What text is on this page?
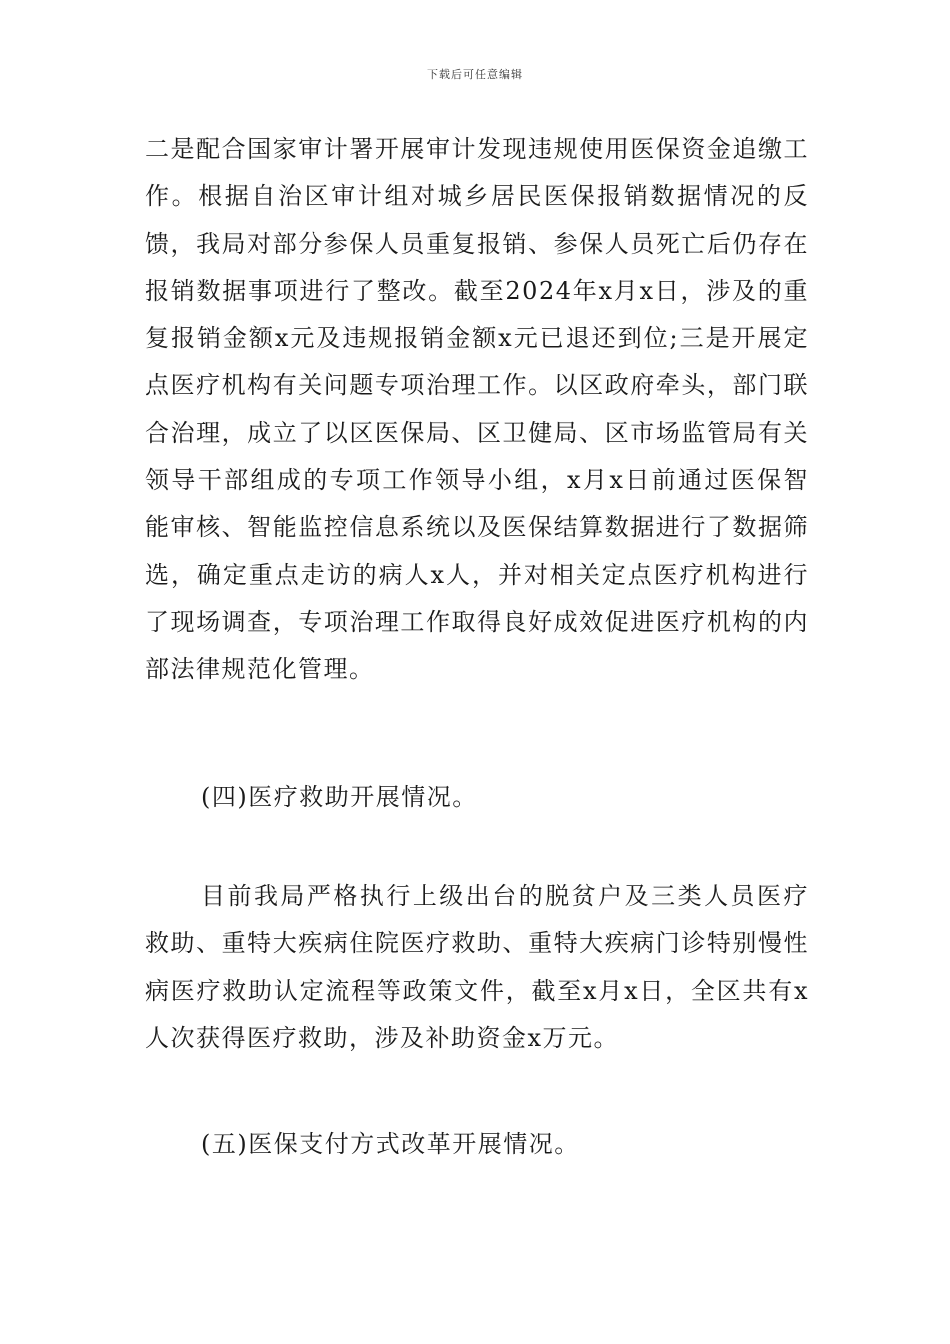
下载后可任意编辑

二是配合国家审计署开展审计发现违规使用医保资金追缴工作。根据自治区审计组对城乡居民医保报销数据情况的反馈，我局对部分参保人员重复报销、参保人员死亡后仍存在报销数据事项进行了整改。截至2024年x月x日，涉及的重复报销金额x元及违规报销金额x元已退还到位;三是开展定点医疗机构有关问题专项治理工作。以区政府牵头，部门联合治理，成立了以区医保局、区卫健局、区市场监管局有关领导干部组成的专项工作领导小组，x月x日前通过医保智能审核、智能监控信息系统以及医保结算数据进行了数据筛选，确定重点走访的病人x人，并对相关定点医疗机构进行了现场调查，专项治理工作取得良好成效促进医疗机构的内部法律规范化管理。

(四)医疗救助开展情况。

目前我局严格执行上级出台的脱贫户及三类人员医疗救助、重特大疾病住院医疗救助、重特大疾病门诊特别慢性病医疗救助认定流程等政策文件，截至x月x日，全区共有x人次获得医疗救助，涉及补助资金x万元。

(五)医保支付方式改革开展情况。
